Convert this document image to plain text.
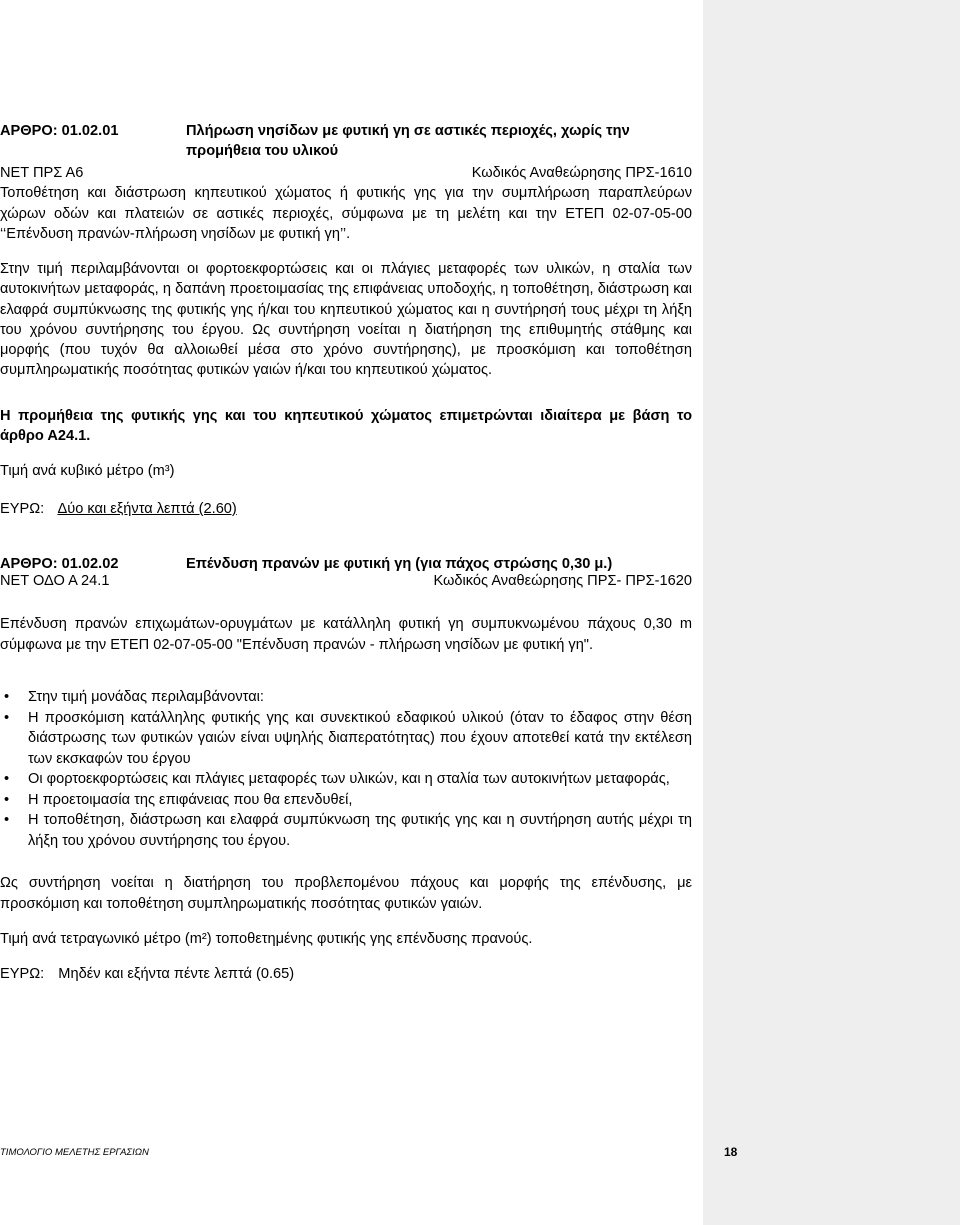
ΑΡΘΡΟ: 01.02.01	Πλήρωση νησίδων με φυτική γη σε αστικές περιοχές, χωρίς την προμήθεια του υλικού
ΝΕΤ ΠΡΣ Α6	Κωδικός Αναθεώρησης ΠΡΣ-1610

Τοποθέτηση και διάστρωση κηπευτικού χώματος ή φυτικής γης για την συμπλήρωση παραπλεύρων χώρων οδών και πλατειών σε αστικές περιοχές, σύμφωνα με τη μελέτη και την ΕΤΕΠ 02-07-05-00 ‘‘Επένδυση πρανών-πλήρωση νησίδων με φυτική γη’’.

Στην τιμή περιλαμβάνονται οι φορτοεκφορτώσεις και οι πλάγιες μεταφορές των υλικών, η σταλία των αυτοκινήτων μεταφοράς, η δαπάνη προετοιμασίας της επιφάνειας υποδοχής, η τοποθέτηση, διάστρωση και ελαφρά συμπύκνωσης της φυτικής γης ή/και του κηπευτικού χώματος και η συντήρησή τους μέχρι τη λήξη του χρόνου συντήρησης του έργου. Ως συντήρηση νοείται η διατήρηση της επιθυμητής στάθμης και μορφής (που τυχόν θα αλλοιωθεί μέσα στο χρόνο συντήρησης), με προσκόμιση και τοποθέτηση συμπληρωματικής ποσότητας φυτικών γαιών ή/και του κηπευτικού χώματος.

Η προμήθεια της φυτικής γης και του κηπευτικού χώματος επιμετρώνται ιδιαίτερα με βάση το άρθρο Α24.1.

Τιμή ανά κυβικό μέτρο (m³)
ΕΥΡΩ: Δύο και εξήντα λεπτά (2.60)
ΑΡΘΡΟ: 01.02.02	Επένδυση πρανών με φυτική γη (για πάχος στρώσης 0,30 μ.)
ΝΕΤ ΟΔΟ Α 24.1	Κωδικός Αναθεώρησης ΠΡΣ- ΠΡΣ-1620

Επένδυση πρανών επιχωμάτων-ορυγμάτων με κατάλληλη φυτική γη συμπυκνωμένου πάχους 0,30 m σύμφωνα με την ΕΤΕΠ 02-07-05-00 "Επένδυση πρανών - πλήρωση νησίδων με φυτική γη".

• Στην τιμή μονάδας περιλαμβάνονται:
• Η προσκόμιση κατάλληλης φυτικής γης και συνεκτικού εδαφικού υλικού (όταν το έδαφος στην θέση διάστρωσης των φυτικών γαιών είναι υψηλής διαπερατότητας) που έχουν αποτεθεί κατά την εκτέλεση των εκσκαφών του έργου
• Οι φορτοεκφορτώσεις και πλάγιες μεταφορές των υλικών, και η σταλία των αυτοκινήτων μεταφοράς,
• Η προετοιμασία της επιφάνειας που θα επενδυθεί,
• Η τοποθέτηση, διάστρωση και ελαφρά συμπύκνωση της φυτικής γης και η συντήρηση αυτής μέχρι τη λήξη του χρόνου συντήρησης του έργου.

Ως συντήρηση νοείται η διατήρηση του προβλεπομένου πάχους και μορφής της επένδυσης, με προσκόμιση και τοποθέτηση συμπληρωματικής ποσότητας φυτικών γαιών.

Τιμή ανά τετραγωνικό μέτρο (m²) τοποθετημένης φυτικής γης επένδυσης πρανούς.
ΕΥΡΩ: Μηδέν και εξήντα πέντε λεπτά (0.65)
ΤΙΜΟΛΟΓΙΟ ΜΕΛΕΤΗΣ ΕΡΓΑΣΙΩΝ	18
